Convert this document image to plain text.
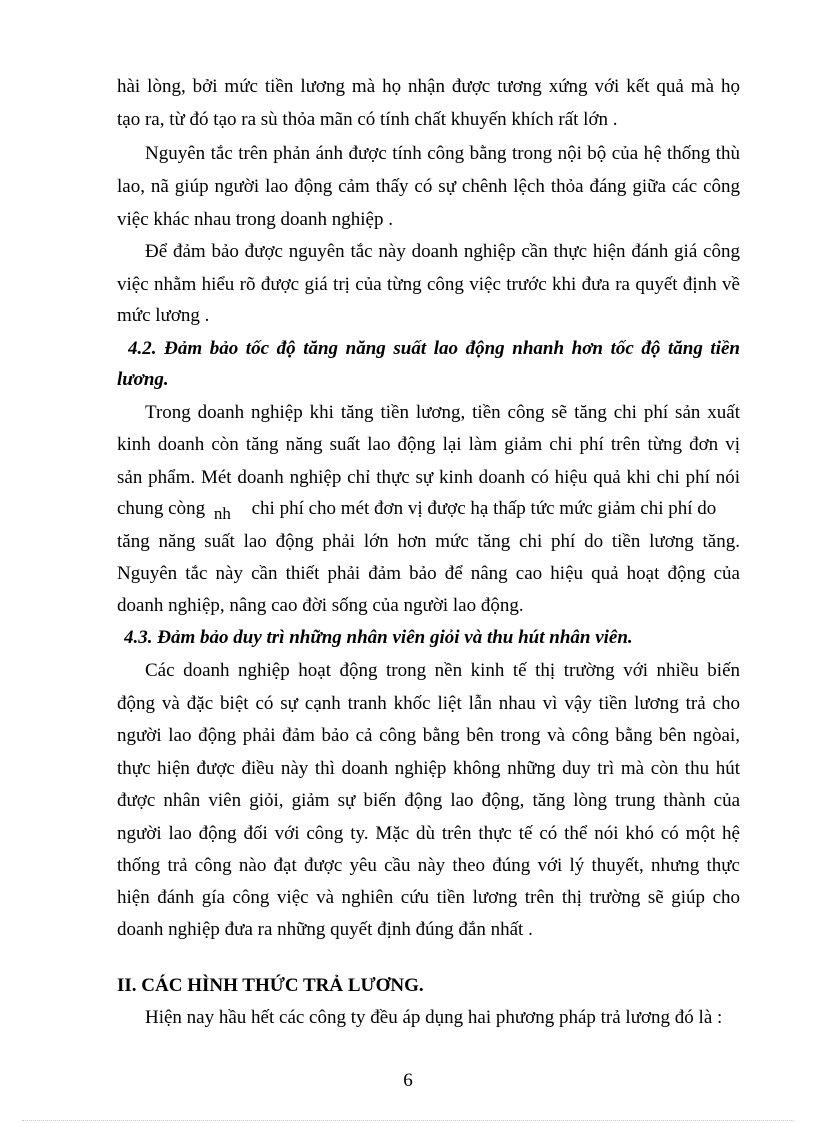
hài lòng, bởi mức tiền lương mà họ nhận được tương xứng với kết quả mà họ
tạo ra, từ đó tạo ra sù thỏa mãn có tính chất khuyến khích rất lớn .
Nguyên tắc trên phản ánh được tính công bằng trong nội bộ của hệ thống thù
lao, nã giúp người lao động cảm thấy có sự chênh lệch thỏa đáng giữa các công
việc khác nhau trong doanh nghiệp .
Để đảm bảo được nguyên tắc này doanh nghiệp cần thực hiện đánh giá công
việc nhằm hiểu rõ được giá trị của từng công việc trước khi đưa ra quyết định về
mức lương .
4.2. Đảm bảo tốc độ tăng năng suất lao động nhanh hơn tốc độ tăng tiền
lương.
Trong doanh nghiệp khi tăng tiền lương, tiền công sẽ tăng chi phí sản xuất
kinh doanh còn tăng năng suất lao động lại làm giảm chi phí trên từng đơn vị
sản phẩm. Mét doanh nghiệp chỉ thực sự kinh doanh có hiệu quả khi chi phí nói
chung còng nh chi phí cho mét đơn vị được hạ thấp tức mức giảm chi phí do
tăng năng suất lao động phải lớn hơn mức tăng chi phí do tiền lương tăng.
Nguyên tắc này cần thiết phải đảm bảo để nâng cao hiệu quả hoạt động của
doanh nghiệp, nâng cao đời sống của người lao động.
4.3. Đảm bảo duy trì những nhân viên giỏi và thu hút nhân viên.
Các doanh nghiệp hoạt động trong nền kinh tế thị trường với nhiều biến
động và đặc biệt có sự cạnh tranh khốc liệt lẫn nhau vì vậy tiền lương trả cho
người lao động phải đảm bảo cả công bằng bên trong và công bằng bên ngòai,
thực hiện được điều này thì doanh nghiệp không những duy trì mà còn thu hút
được nhân viên giỏi, giảm sự biến động lao động, tăng lòng trung thành của
người lao động đối với công ty. Mặc dù trên thực tế có thể nói khó có một hệ
thống trả công nào đạt được yêu cầu này theo đúng với lý thuyết, nhưng thực
hiện đánh gía công việc và nghiên cứu tiền lương trên thị trường sẽ giúp cho
doanh nghiệp đưa ra những quyết định đúng đắn nhất .
II. CÁC HÌNH THỨC TRẢ LƯƠNG.
Hiện nay hầu hết các công ty đều áp dụng hai phương pháp trả lương đó là :
6
